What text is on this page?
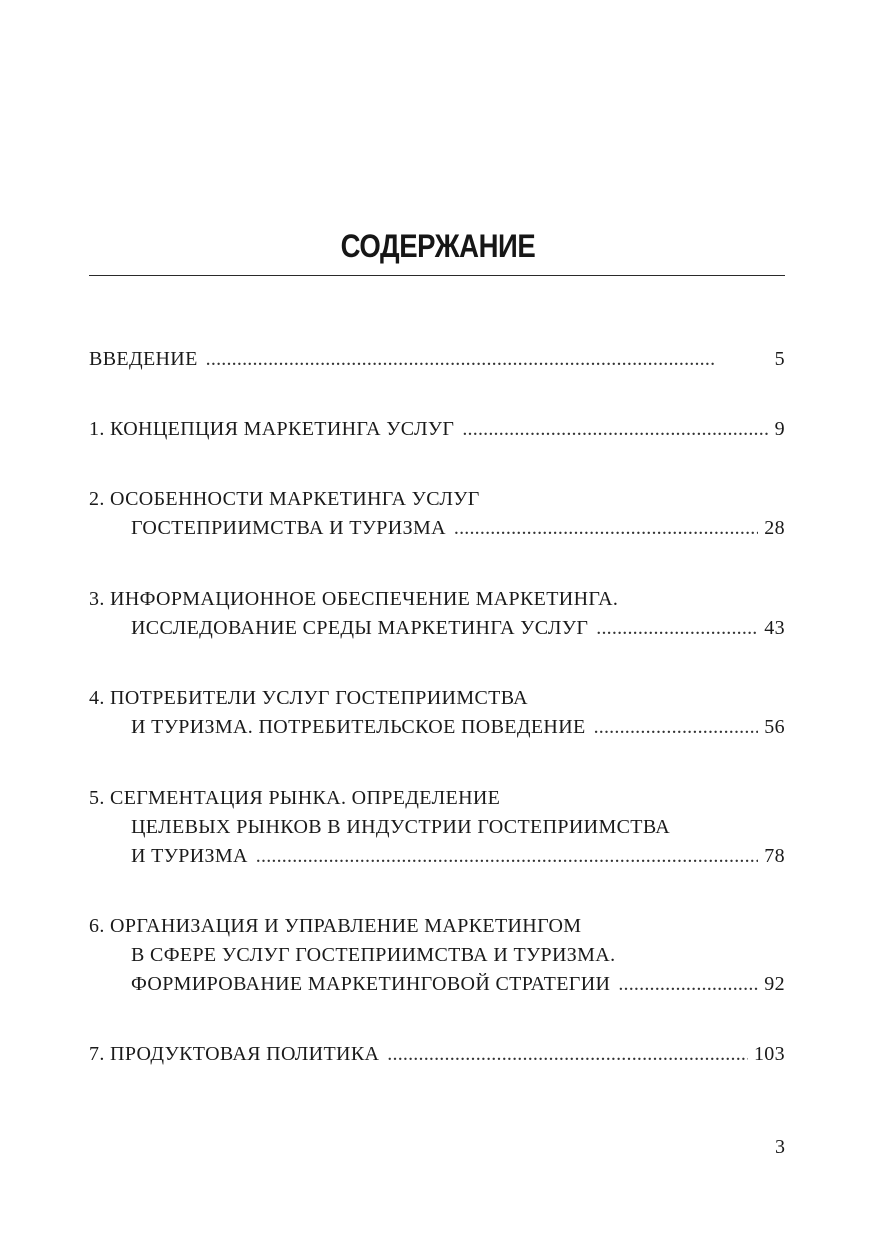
СОДЕРЖАНИЕ
ВВЕДЕНИЕ . . .	5
1. КОНЦЕПЦИЯ МАРКЕТИНГА УСЛУГ . . .	9
2. ОСОБЕННОСТИ МАРКЕТИНГА УСЛУГ
ГОСТЕПРИИМСТВА И ТУРИЗМА . . .	28
3. ИНФОРМАЦИОННОЕ ОБЕСПЕЧЕНИЕ МАРКЕТИНГА.
ИССЛЕДОВАНИЕ СРЕДЫ МАРКЕТИНГА УСЛУГ . . .	43
4. ПОТРЕБИТЕЛИ УСЛУГ ГОСТЕПРИИМСТВА
И ТУРИЗМА. ПОТРЕБИТЕЛЬСКОЕ ПОВЕДЕНИЕ . . .	56
5. СЕГМЕНТАЦИЯ РЫНКА. ОПРЕДЕЛЕНИЕ
ЦЕЛЕВЫХ РЫНКОВ В ИНДУСТРИИ ГОСТЕПРИИМСТВА
И ТУРИЗМА . . .	78
6. ОРГАНИЗАЦИЯ И УПРАВЛЕНИЕ МАРКЕТИНГОМ
В СФЕРЕ УСЛУГ ГОСТЕПРИИМСТВА И ТУРИЗМА.
ФОРМИРОВАНИЕ МАРКЕТИНГОВОЙ СТРАТЕГИИ . . .	92
7. ПРОДУКТОВАЯ ПОЛИТИКА . . .	103
3
